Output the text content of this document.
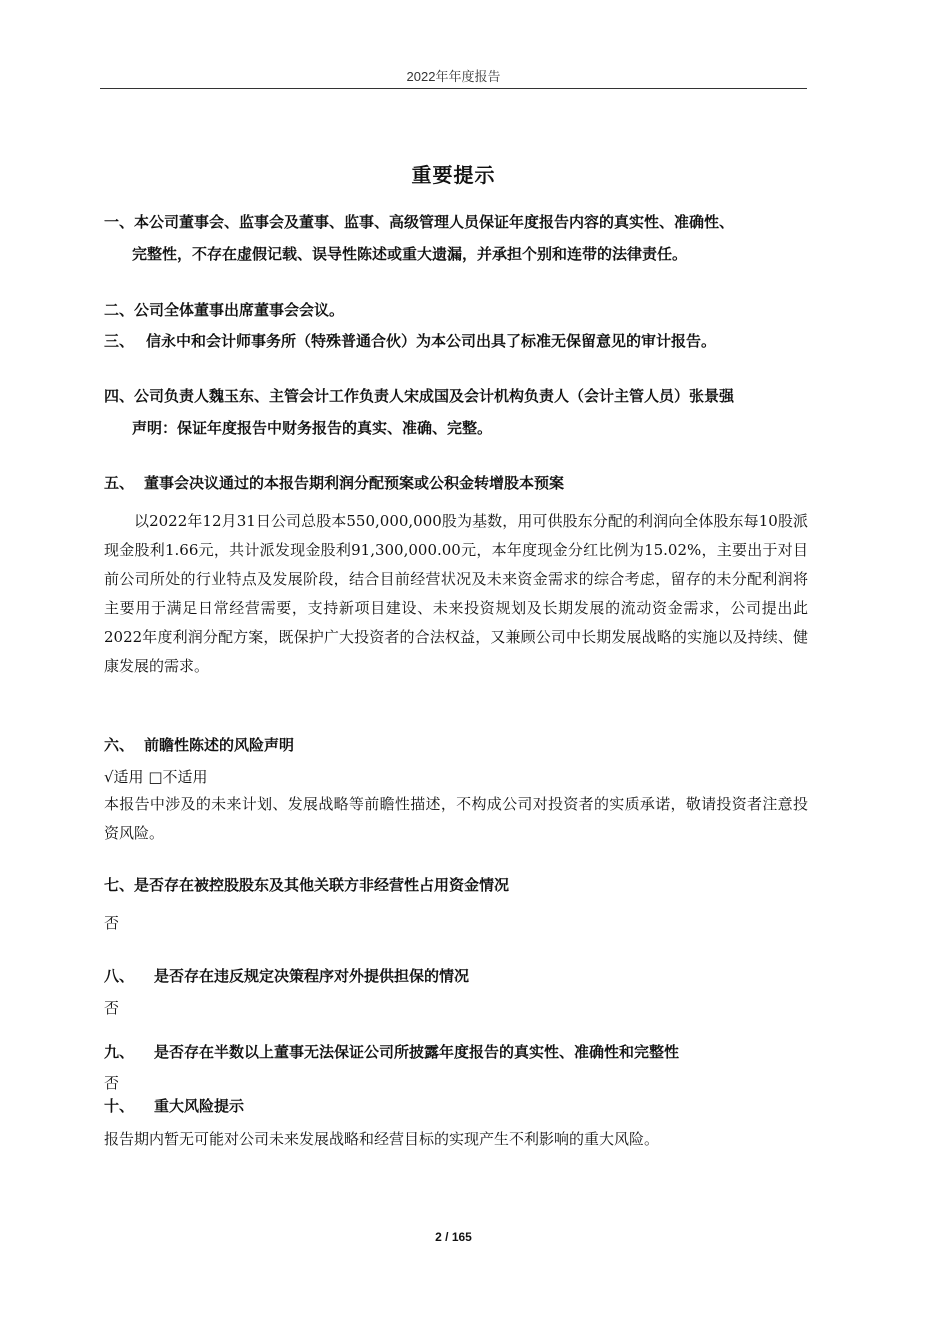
2022年年度报告
重要提示
一、本公司董事会、监事会及董事、监事、高级管理人员保证年度报告内容的真实性、准确性、
完整性，不存在虚假记载、误导性陈述或重大遗漏，并承担个别和连带的法律责任。
二、公司全体董事出席董事会会议。
三、 信永中和会计师事务所（特殊普通合伙）为本公司出具了标准无保留意见的审计报告。
四、公司负责人魏玉东、主管会计工作负责人宋成国及会计机构负责人（会计主管人员）张景强
声明：保证年度报告中财务报告的真实、准确、完整。
五、 董事会决议通过的本报告期利润分配预案或公积金转增股本预案
以2022年12月31日公司总股本550,000,000股为基数，用可供股东分配的利润向全体股东每10股派现金股利1.66元，共计派发现金股利91,300,000.00元，本年度现金分红比例为15.02%，主要出于对目前公司所处的行业特点及发展阶段，结合目前经营状况及未来资金需求的综合考虑，留存的未分配利润将主要用于满足日常经营需要，支持新项目建设、未来投资规划及长期发展的流动资金需求，公司提出此2022年度利润分配方案，既保护广大投资者的合法权益，又兼顾公司中长期发展战略的实施以及持续、健康发展的需求。
六、 前瞻性陈述的风险声明
√适用 □不适用
本报告中涉及的未来计划、发展战略等前瞻性描述，不构成公司对投资者的实质承诺，敬请投资者注意投资风险。
七、是否存在被控股股东及其他关联方非经营性占用资金情况
否
八、 是否存在违反规定决策程序对外提供担保的情况
否
九、 是否存在半数以上董事无法保证公司所披露年度报告的真实性、准确性和完整性
否
十、 重大风险提示
报告期内暂无可能对公司未来发展战略和经营目标的实现产生不利影响的重大风险。
2 / 165
